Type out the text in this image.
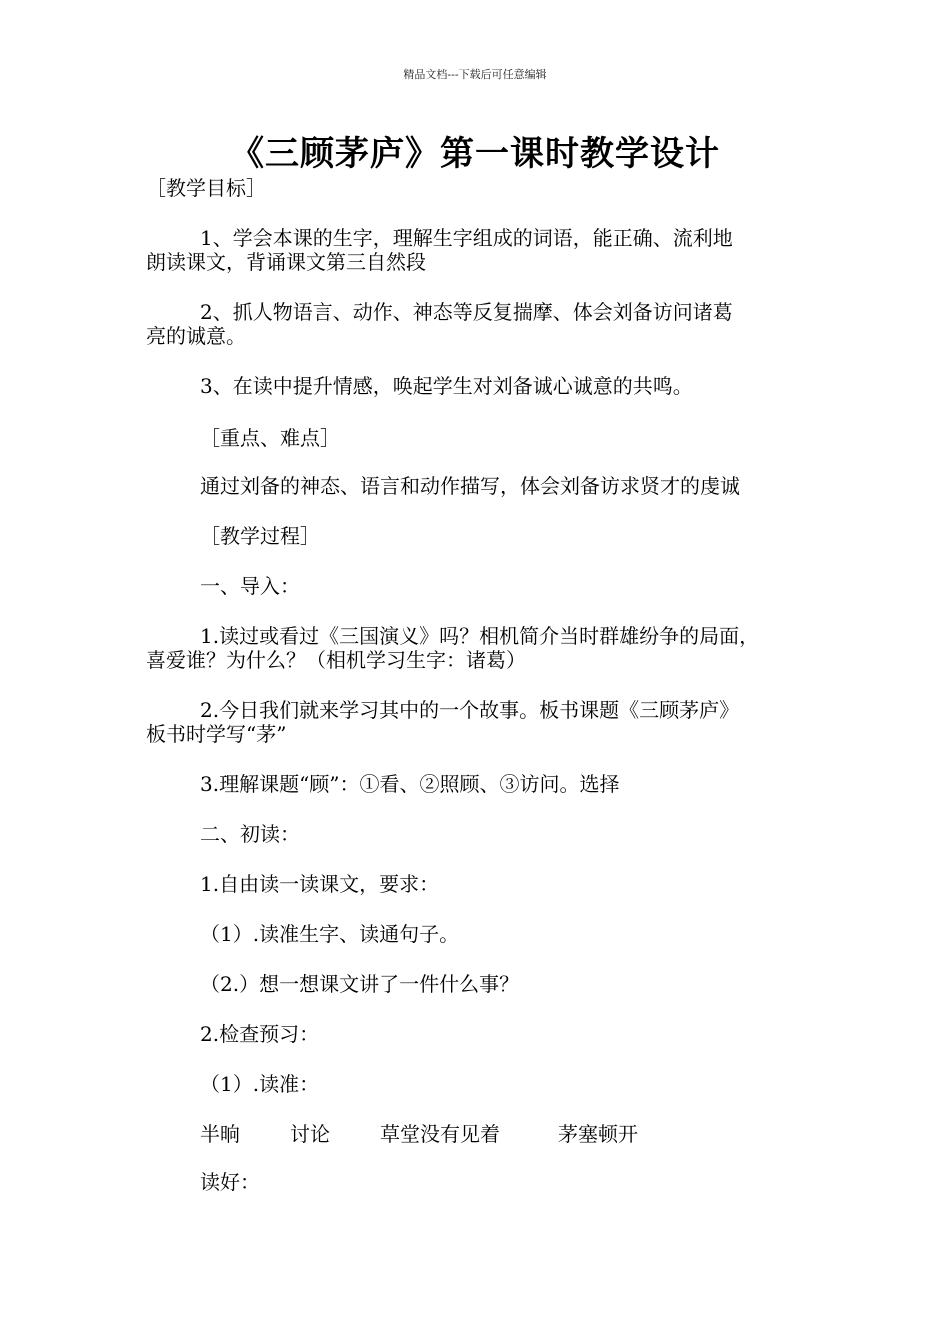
精品文档---下载后可任意编辑
《三顾茅庐》第一课时教学设计

［教学目标］

1、学会本课的生字，理解生字组成的词语，能正确、流利地

朗读课文，背诵课文第三自然段

2、抓人物语言、动作、神态等反复揣摩、体会刘备访问诸葛

亮的诚意。

3、在读中提升情感，唤起学生对刘备诚心诚意的共鸣。

［重点、难点］

通过刘备的神态、语言和动作描写，体会刘备访求贤才的虔诚

［教学过程］

一、导入：

1.读过或看过《三国演义》吗？相机简介当时群雄纷争的局面，

喜爱谁？为什么？（相机学习生字：诸葛）

2.今日我们就来学习其中的一个故事。板书课题《三顾茅庐》

板书时学写“茅”

3.理解课题“顾”：①看、②照顾、③访问。选择

二、初读：

1.自由读一读课文，要求：

（1）.读准生字、读通句子。

（2.）想一想课文讲了一件什么事？

2.检查预习：

（1）.读准：

半晌	讨论	草堂没有见着	茅塞顿开

读好：
